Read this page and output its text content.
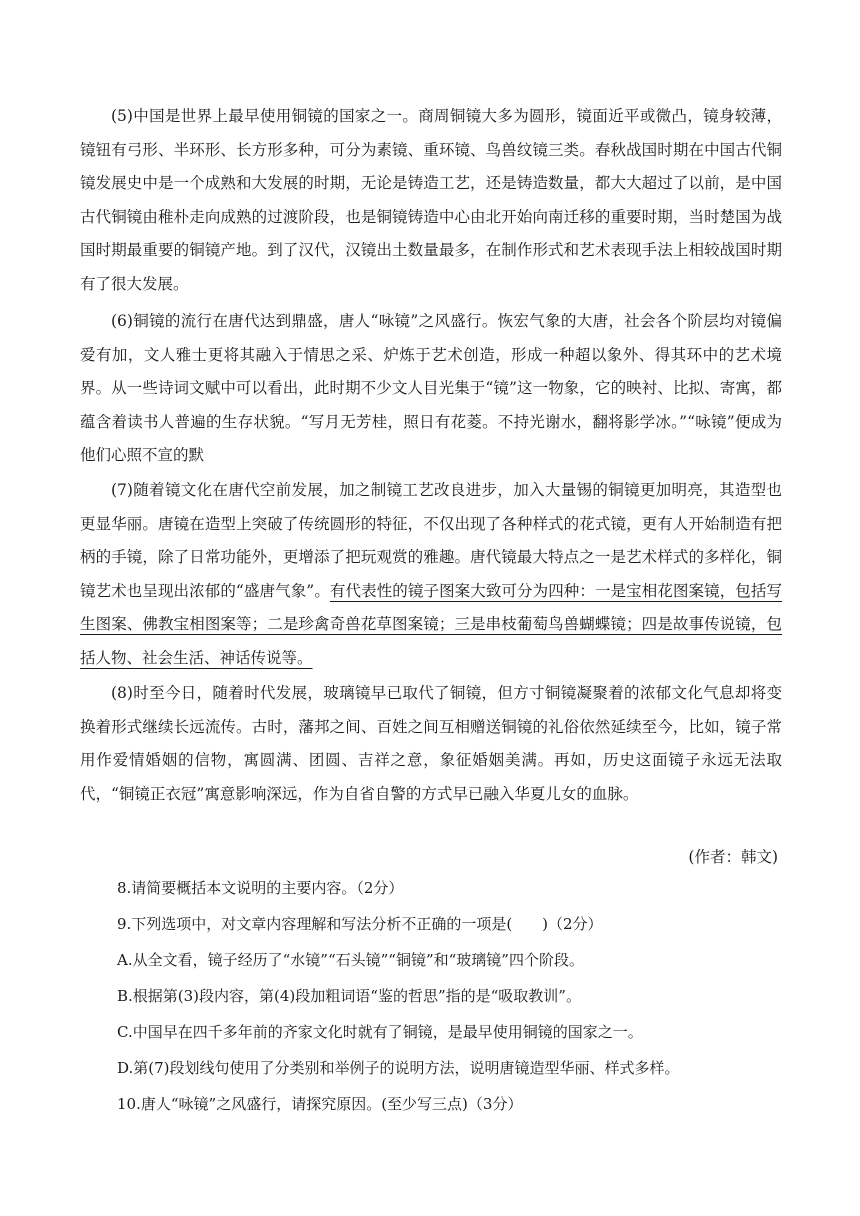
(5)中国是世界上最早使用铜镜的国家之一。商周铜镜大多为圆形，镜面近平或微凸，镜身较薄，镜钮有弓形、半环形、长方形多种，可分为素镜、重环镜、鸟兽纹镜三类。春秋战国时期在中国古代铜镜发展史中是一个成熟和大发展的时期，无论是铸造工艺，还是铸造数量，都大大超过了以前，是中国古代铜镜由稚朴走向成熟的过渡阶段，也是铜镜铸造中心由北开始向南迁移的重要时期，当时楚国为战国时期最重要的铜镜产地。到了汉代，汉镜出土数量最多，在制作形式和艺术表现手法上相较战国时期有了很大发展。

(6)铜镜的流行在唐代达到鼎盛，唐人“咏镜”之风盛行。恢宏气象的大唐，社会各个阶层均对镜偏爱有加，文人雅士更将其融入于情思之采、炉炼于艺术创造，形成一种超以象外、得其环中的艺术境界。从一些诗词文赋中可以看出，此时期不少文人目光集于“镜”这一物象，它的映衬、比拟、寄寓，都蕴含着读书人普遍的生存状貌。“写月无芳桂，照日有花菱。不持光谢水，翻将影学冰。”“咏镜”便成为他们心照不宣的默

(7)随着镜文化在唐代空前发展，加之制镜工艺改良进步，加入大量锡的铜镜更加明亮，其造型也更显华丽。唐镜在造型上突破了传统圆形的特征，不仅出现了各种样式的花式镜，更有人开始制造有把柄的手镜，除了日常功能外，更增添了把玩观赏的雅趣。唐代镜最大特点之一是艺术样式的多样化，铜镜艺术也呈现出浓郁的“盛唐气象”。有代表性的镜子图案大致可分为四种：一是宝相花图案镜，包括写生图案、佛教宝相图案等；二是珍禽奇兽花草图案镜；三是串枝葡萄鸟兽蝴蝶镜；四是故事传说镜，包括人物、社会生活、神话传说等。

(8)时至今日，随着时代发展，玻璃镜早已取代了铜镜，但方寸铜镜凝聚着的浓郁文化气息却将变换着形式继续长远流传。古时，藩邦之间、百姓之间互相赠送铜镜的礼俗依然延续至今，比如，镜子常用作爱情婚姻的信物，寓圆满、团圆、吉祥之意，象征婚姻美满。再如，历史这面镜子永远无法取代，“铜镜正衣冠”寓意影响深远，作为自省自警的方式早已融入华夏儿女的血脉。

(作者：韩文)

8.请简要概括本文说明的主要内容。（2分）

9.下列选项中，对文章内容理解和写法分析不正确的一项是(　　)（2分）

A.从全文看，镜子经历了“水镜”“石头镜”“铜镜”和“玻璃镜”四个阶段。

B.根据第(3)段内容，第(4)段加粗词语“鉴的哲思”指的是“吸取教训”。

C.中国早在四千多年前的齐家文化时就有了铜镜，是最早使用铜镜的国家之一。

D.第(7)段划线句使用了分类别和举例子的说明方法，说明唐镜造型华丽、样式多样。

10.唐人“咏镜”之风盛行，请探究原因。(至少写三点)（3分）
